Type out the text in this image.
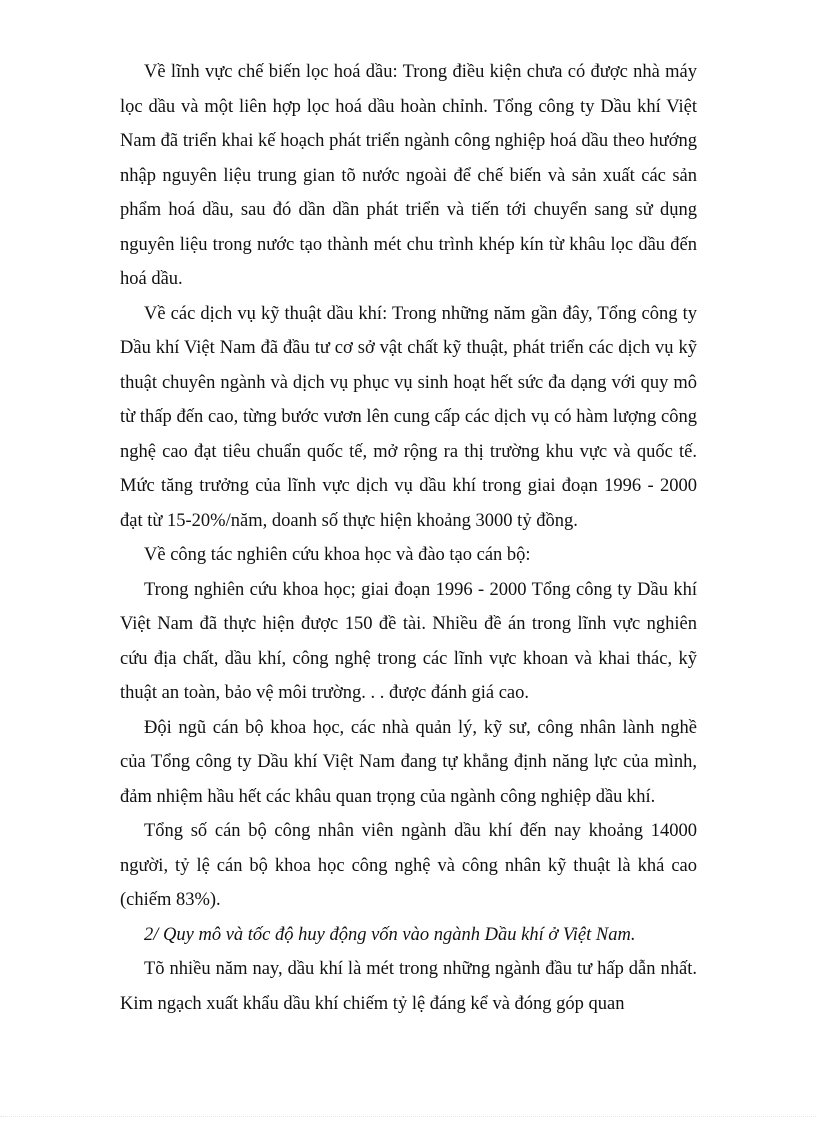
Về lĩnh vực chế biến lọc hoá dầu: Trong điều kiện chưa có được nhà máy lọc dầu và một liên hợp lọc hoá dầu hoàn chỉnh. Tổng công ty Dầu khí Việt Nam đã triển khai kế hoạch phát triển ngành công nghiệp hoá dầu theo hướng nhập nguyên liệu trung gian tõ nước ngoài để chế biến và sản xuất các sản phẩm hoá dầu, sau đó dần dần phát triển và tiến tới chuyển sang sử dụng nguyên liệu trong nước tạo thành mét chu trình khép kín từ khâu lọc dầu đến hoá dầu.

Về các dịch vụ kỹ thuật dầu khí: Trong những năm gần đây, Tổng công ty Dầu khí Việt Nam đã đầu tư cơ sở vật chất kỹ thuật, phát triển các dịch vụ kỹ thuật chuyên ngành và dịch vụ phục vụ sinh hoạt hết sức đa dạng với quy mô từ thấp đến cao, từng bước vươn lên cung cấp các dịch vụ có hàm lượng công nghệ cao đạt tiêu chuẩn quốc tế, mở rộng ra thị trường khu vực và quốc tế. Mức tăng trưởng của lĩnh vực dịch vụ dầu khí trong giai đoạn 1996 - 2000 đạt từ 15-20%/năm, doanh số thực hiện khoảng 3000 tỷ đồng.

Về công tác nghiên cứu khoa học và đào tạo cán bộ:

Trong nghiên cứu khoa học; giai đoạn 1996 - 2000 Tổng công ty Dầu khí Việt Nam đã thực hiện được 150 đề tài. Nhiều đề án trong lĩnh vực nghiên cứu địa chất, dầu khí, công nghệ trong các lĩnh vực khoan và khai thác, kỹ thuật an toàn, bảo vệ môi trường. . . được đánh giá cao.

Đội ngũ cán bộ khoa học, các nhà quản lý, kỹ sư, công nhân lành nghề của Tổng công ty Dầu khí Việt Nam đang tự khẳng định năng lực của mình, đảm nhiệm hầu hết các khâu quan trọng của ngành công nghiệp dầu khí.

Tổng số cán bộ công nhân viên ngành dầu khí đến nay khoảng 14000 người, tỷ lệ cán bộ khoa học công nghệ và công nhân kỹ thuật là khá cao (chiếm 83%).

2/ Quy mô và tốc độ huy động vốn vào ngành Dầu khí ở Việt Nam.

Tõ nhiều năm nay, dầu khí là mét trong những ngành đầu tư hấp dẫn nhất. Kim ngạch xuất khẩu dầu khí chiếm tỷ lệ đáng kể và đóng góp quan
